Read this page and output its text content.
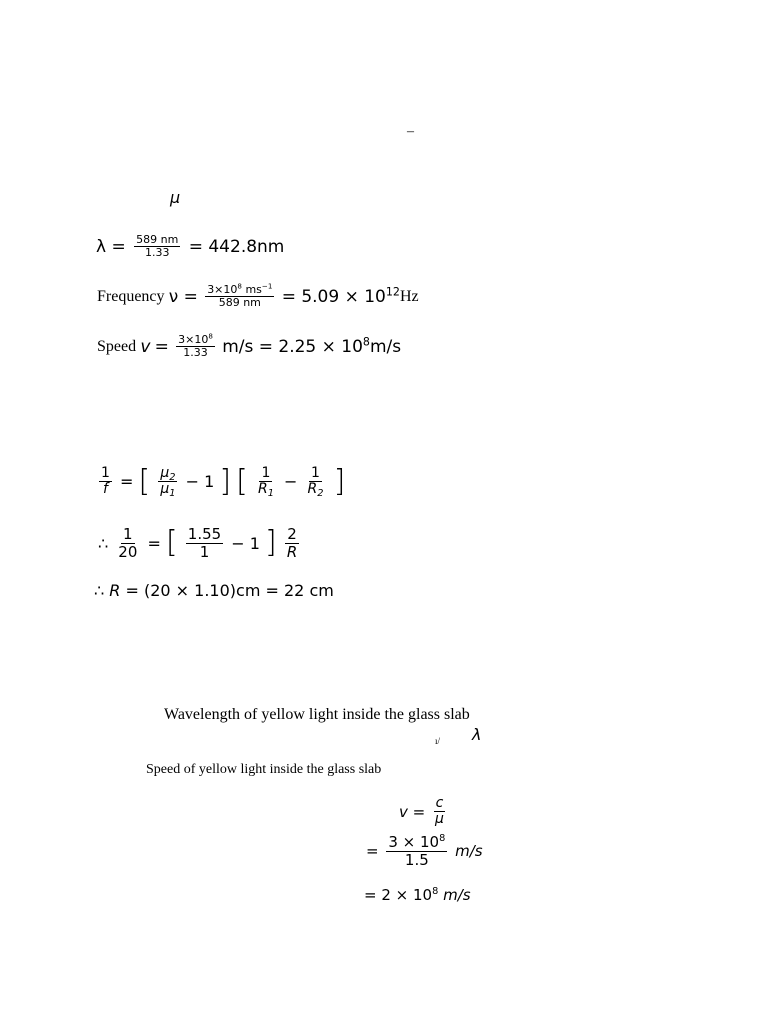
–
μ
$\lambda = \frac{589 nm}{1.33} = 442.8nm$
Frequency $\nu = \frac{3\times 10^8 ms^{-1}}{589 nm} = 5.09 \times 10^{12}Hz$
Speed $v = \frac{3\times 10^8}{1.33} m/s = 2.25 \times 10^8m/s$
$\frac{1}{f}$ = [ $\frac{\mu_2}{\mu_1} - 1$ ] [ $\frac{1}{R_1} - \frac{1}{R_2}$ ]
∴ $\frac{1}{20}$ = [ $\frac{1.55}{1} - 1$ ] $\frac{2}{R}$
∴ R = (20 × 1.10)cm = 22 cm
Wavelength of yellow light inside the glass slab
ı/ λ
Speed of yellow light inside the glass slab
$v = \frac{c}{\mu}$
= $\frac{3 \times 10^8}{1.5} m/s$
= $2 \times 10^8$ m/s
